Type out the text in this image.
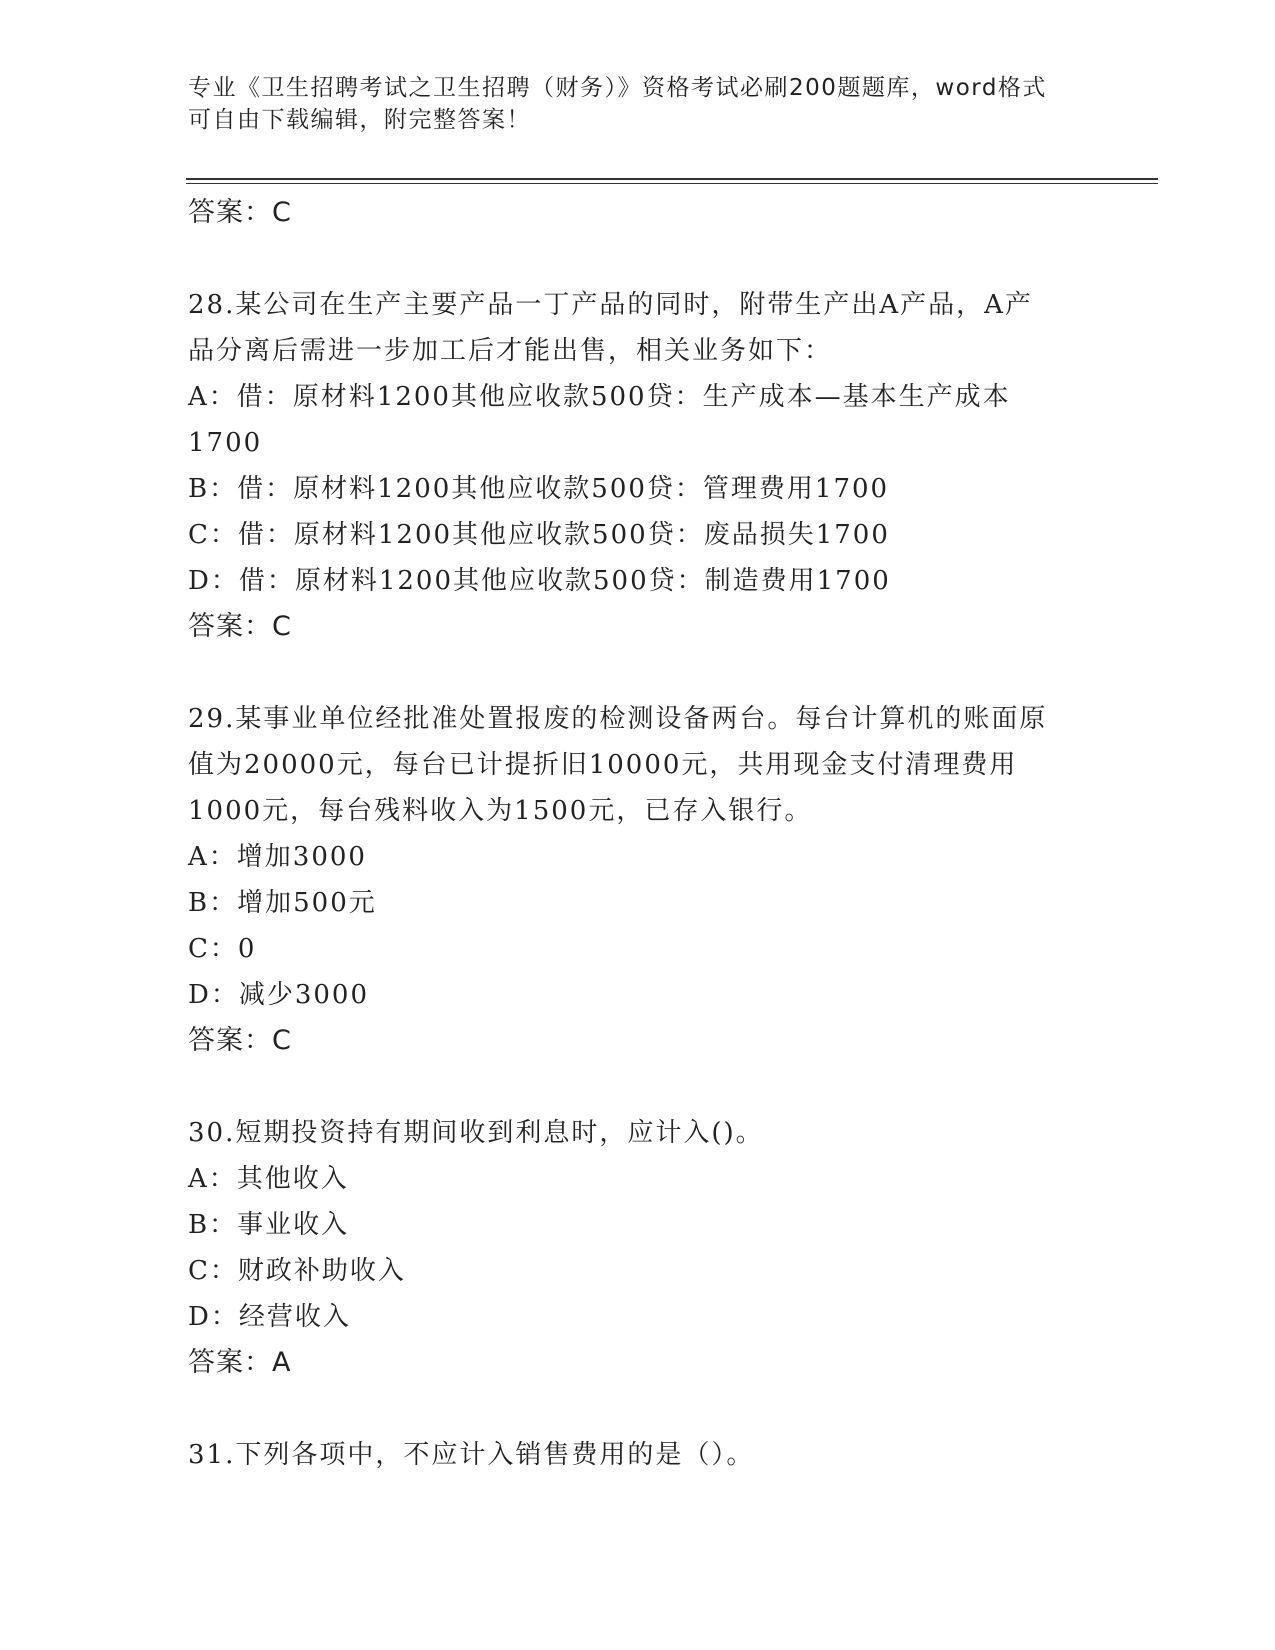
专业《卫生招聘考试之卫生招聘（财务）》资格考试必刷200题题库，word格式
可自由下载编辑，附完整答案！

答案：C

28.某公司在生产主要产品一丁产品的同时，附带生产出A产品，A产

品分离后需进一步加工后才能出售，相关业务如下：

A：借：原材料1200其他应收款500贷：生产成本—基本生产成本

1700

B：借：原材料1200其他应收款500贷：管理费用1700

C：借：原材料1200其他应收款500贷：废品损失1700

D：借：原材料1200其他应收款500贷：制造费用1700

答案：C

29.某事业单位经批准处置报废的检测设备两台。每台计算机的账面原

值为20000元，每台已计提折旧10000元，共用现金支付清理费用

1000元，每台残料收入为1500元，已存入银行。

A：增加3000

B：增加500元

C：0

D：减少3000

答案：C

30.短期投资持有期间收到利息时，应计入()。

A：其他收入

B：事业收入

C：财政补助收入

D：经营收入

答案：A

31.下列各项中，不应计入销售费用的是（）。
